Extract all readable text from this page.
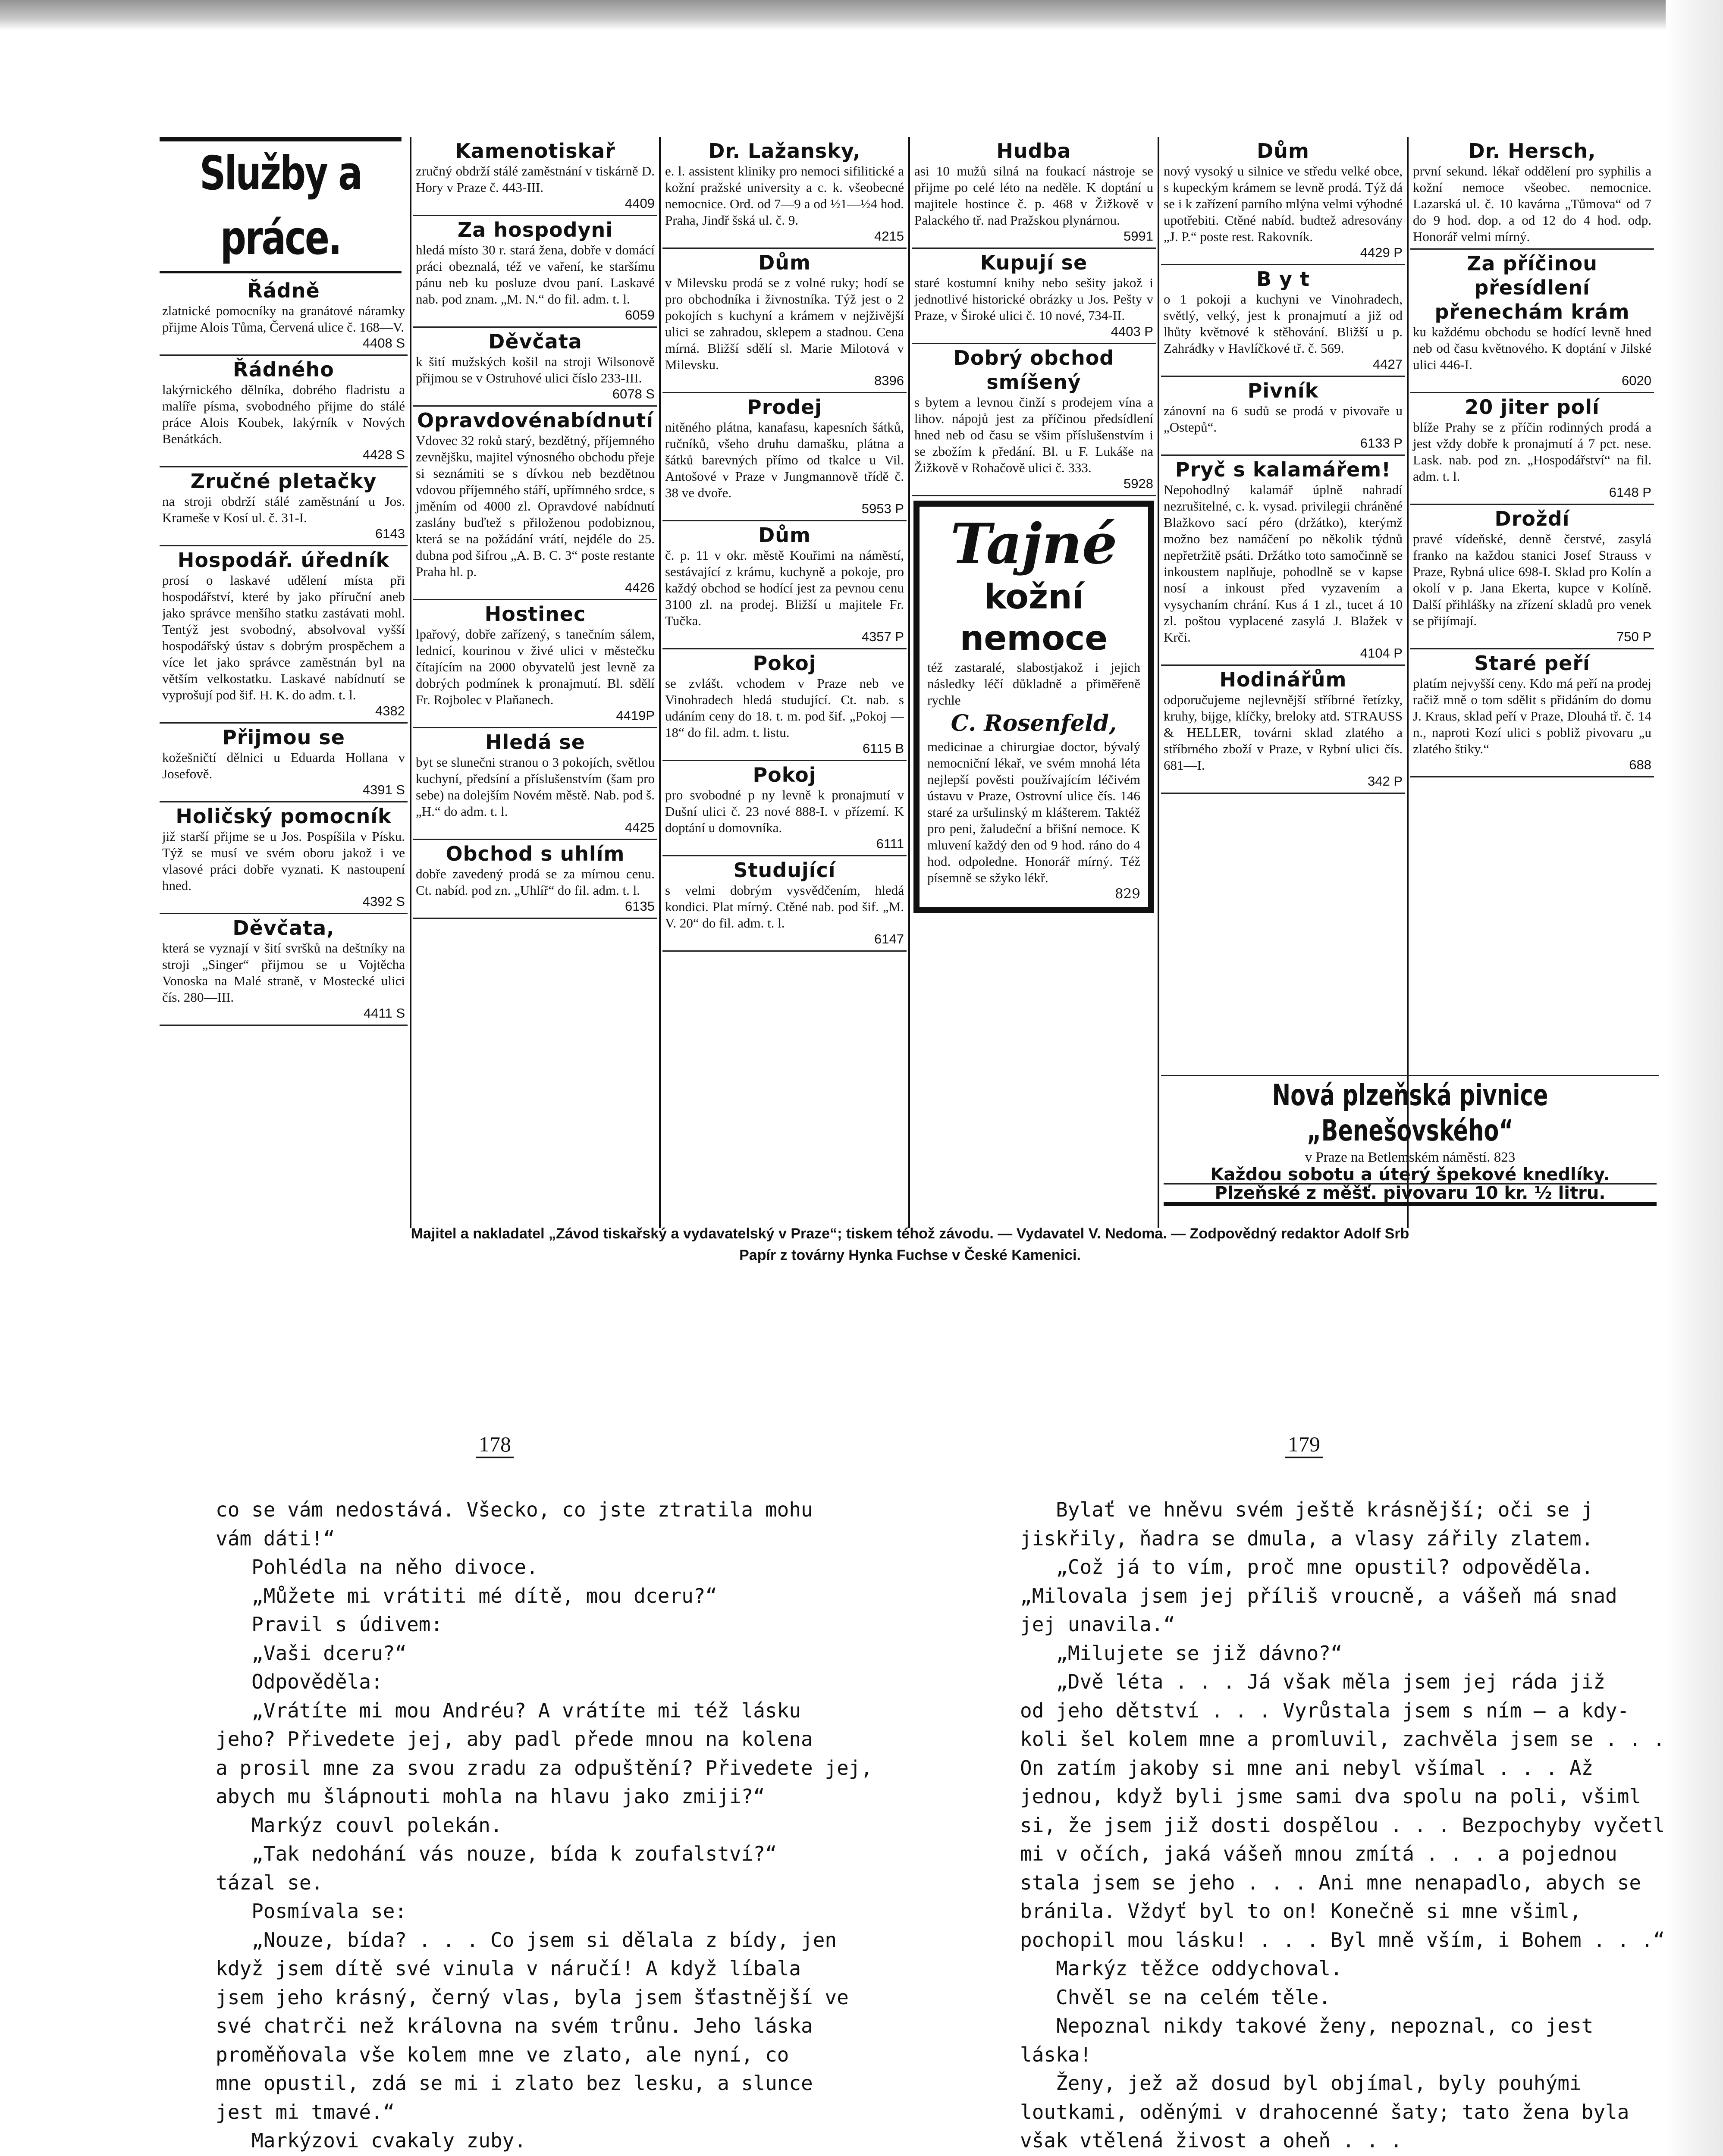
Služby a práce.
Řádně

zlatnické pomocníky na granátové náramky přijme Alois Tůma, Červená ulice č. 168—V.

4408 S
Řádného

lakýrnického dělníka, dobrého fladristu a malíře písma, svobodného přijme do stálé práce Alois Koubek, lakýrník v Nových Benátkách.

4428 S
Zručné pletačky

na stroji obdrží stálé zaměstnání u Jos. Krameše v Kosí ul. č. 31-I.

6143
Hospodář. úředník

prosí o laskavé udělení místa při hospodářství, které by jako příruční aneb jako správce menšího statku zastávati mohl. Tentýž jest svobodný, absolvoval vyšší hospodářský ústav s dobrým prospěchem a více let jako správce zaměstnán byl na větším velkostatku. Laskavé nabídnutí se vyprošují pod šif. H. K. do adm. t. l.

4382
Přijmou se

kožešničtí dělnici u Eduarda Hollana v Josefově.

4391 S
Holičský pomocník

již starší přijme se u Jos. Pospíšila v Písku. Týž se musí ve svém oboru jakož i ve vlasové práci dobře vyznati. K nastoupení hned.

4392 S
Děvčata,

která se vyznají v šití svršků na deštníky na stroji „Singer“ přijmou se u Vojtěcha Vonoska na Malé straně, v Mostecké ulici čís. 280—III.

4411 S
Kamenotiskař

zručný obdrží stálé zaměstnání v tiskárně D. Hory v Praze č. 443-III.

4409
Za hospodyni

hledá místo 30 r. stará žena, dobře v domácí práci obeznalá, též ve vaření, ke staršímu pánu neb ku posluze dvou paní. Laskavé nab. pod znam. „M. N.“ do fil. adm. t. l.

6059
Děvčata

k šití mužských košil na stroji Wilsonově přijmou se v Ostruhové ulici číslo 233-III.

6078 S
Opravdovénabídnutí

Vdovec 32 roků starý, bezdětný, příjemného zevnějšku, majitel výnosného obchodu přeje si seznámiti se s dívkou neb bezdětnou vdovou příjemného stáří, upřímného srdce, s jměním od 4000 zl. Opravdové nabídnutí zaslány buďtež s přiloženou podobiznou, která se na požádání vrátí, nejdéle do 25. dubna pod šifrou „A. B. C. 3“ poste restante Praha hl. p.

4426
Hostinec

lpařový, dobře zařízený, s tanečním sálem, lednicí, kourinou v živé ulici v městečku čítajícím na 2000 obyvatelů jest levně za dobrých podmínek k pronajmutí. Bl. sdělí Fr. Rojbolec v Plaňanech.

4419P
Hledá se

byt se slunečni stranou o 3 pokojích, světlou kuchyní, předsíní a příslušenstvím (šam pro sebe) na dolejším Novém městě. Nab. pod š. „H.“ do adm. t. l.

4425
Obchod s uhlím

dobře zavedený prodá se za mírnou cenu. Ct. nabíd. pod zn. „Uhlíř“ do fil. adm. t. l.

6135
Dr. Lažansky,

e. l. assistent kliniky pro nemoci sifilitické a kožní pražské university a c. k. všeobecné nemocnice. Ord. od 7—9 a od ½1—½4 hod. Praha, Jindř šská ul. č. 9.

4215
Dům

v Milevsku prodá se z volné ruky; hodí se pro obchodníka i živnostníka. Týž jest o 2 pokojích s kuchyní a krámem v nejživější ulici se zahradou, sklepem a stadnou. Cena mírná. Bližší sdělí sl. Marie Milotová v Milevsku.

8396
Prodej

nitěného plátna, kanafasu, kapesních šátků, ručníků, všeho druhu damašku, plátna a šátků barevných přímo od tkalce u Vil. Antošové v Praze v Jungmannově třídě č. 38 ve dvoře.

5953 P
Dům

č. p. 11 v okr. městě Kouřimi na náměstí, sestávající z krámu, kuchyně a pokoje, pro každý obchod se hodící jest za pevnou cenu 3100 zl. na prodej. Bližší u majitele Fr. Tučka.

4357 P
Pokoj

se zvlášt. vchodem v Praze neb ve Vinohradech hledá studující. Ct. nab. s udáním ceny do 18. t. m. pod šif. „Pokoj — 18“ do fil. adm. t. listu.

6115 B
Pokoj

pro svobodné p ny levně k pronajmutí v Dušní ulici č. 23 nové 888-I. v přízemí. K doptání u domovníka.

6111
Studující

s velmi dobrým vysvědčením, hledá kondici. Plat mírný. Ctěné nab. pod šif. „M. V. 20“ do fil. adm. t. l.

6147
Hudba

asi 10 mužů silná na foukací nástroje se přijme po celé léto na neděle. K doptání u majitele hostince č. p. 468 v Žižkově v Palackého tř. nad Pražskou plynárnou.

5991
Kupují se

staré kostumní knihy nebo sešity jakož i jednotlivé historické obrázky u Jos. Pešty v Praze, v Široké ulici č. 10 nové, 734-II.

4403 P
Dobrý obchod smíšený

s bytem a levnou činží s prodejem vína a lihov. nápojů jest za příčinou předsídlení hned neb od času se všim příslušenstvím i se zbožím k předání. Bl. u F. Lukáše na Žižkově v Rohačově ulici č. 333.

5928
Tajné
kožní nemoce

též zastaralé, slabostjakož i jejich následky léčí důkladně a přiměřeně rychle

C. Rosenfeld,

medicinae a chirurgiae doctor, bývalý nemocniční lékař, ve svém mnohá léta nejlepší pověsti používajícím léčivém ústavu v Praze, Ostrovní ulice čís. 146 staré za uršulinský m klášterem. Taktéž pro peni, žaludeční a břišní nemoce. K mluvení každý den od 9 hod. ráno do 4 hod. odpoledne. Honorář mírný. Též písemně se sžyko lékř.

829
Dům

nový vysoký u silnice ve středu velké obce, s kupeckým krámem se levně prodá. Týž dá se i k zařízení parního mlýna velmi výhodné upotřebiti. Ctěné nabíd. budtež adresovány „J. P.“ poste rest. Rakovník.

4429 P
B y t

o 1 pokoji a kuchyni ve Vinohradech, světlý, velký, jest k pronajmutí a již od lhůty květnové k stěhování. Bližší u p. Zahrádky v Havlíčkové tř. č. 569.

4427
Pivník

zánovní na 6 sudů se prodá v pivovaře u „Ostepů“.

6133 P
Pryč s kalamářem!

Nepohodlný kalamář úplně nahradí nezrušitelné, c. k. vysad. privilegii chráněné Blažkovo sací péro (držátko), kterýmž možno bez namáčení po několik týdnů nepřetržitě psáti. Držátko toto samočinně se inkoustem naplňuje, pohodlně se v kapse nosí a inkoust před vyzavením a vysychaním chrání. Kus á 1 zl., tucet á 10 zl. poštou vyplacené zasylá J. Blažek v Krči.

4104 P
Hodinářům

odporučujeme nejlevnější stříbrné řetízky, kruhy, bijge, klíčky, breloky atd. STRAUSS & HELLER, továrni sklad zlatého a stříbrného zboží v Praze, v Rybní ulici čís. 681—I.

342 P
Dr. Hersch,

první sekund. lékař oddělení pro syphilis a kožní nemoce všeobec. nemocnice. Lazarská ul. č. 10 kavárna „Tůmova“ od 7 do 9 hod. dop. a od 12 do 4 hod. odp. Honorář velmi mírný.

Za příčinou přesídlení přenechám krám

ku každému obchodu se hodící levně hned neb od času květnového. K doptání v Jilské ulici 446-I.

6020
20 jiter polí

blíže Prahy se z příčin rodinných prodá a jest vždy dobře k pronajmutí á 7 pct. nese. Lask. nab. pod zn. „Hospodářství“ na fil. adm. t. l.

6148 P
Droždí

pravé vídeňské, denně čerstvé, zasylá franko na každou stanici Josef Strauss v Praze, Rybná ulice 698-I. Sklad pro Kolín a okolí v p. Jana Ekerta, kupce v Kolíně. Další přihlášky na zřízení skladů pro venek se přijímají.

750 P
Staré peří

platím nejvyšší ceny. Kdo má peří na prodej račiž mně o tom sdělit s přidáním do domu J. Kraus, sklad peří v Praze, Dlouhá tř. č. 14 n., naproti Kozí ulici s pobliž pivovaru „u zlatého štiky.“

688
Nová plzeňská pivnice „Benešovského“

v Praze na Betlemském náměstí. 823

Každou sobotu a úterý špekové knedlíky.

Plzeňské z měšť. pivovaru 10 kr. ½ litru.

Majitel a nakladatel „Závod tiskařský a vydavatelský v Praze“; tiskem téhož závodu. — Vydavatel V. Nedoma. — Zodpovědný redaktor Adolf Srb
Papír z továrny Hynka Fuchse v České Kamenici.
178	179
co se vám nedostává. Všecko, co jste ztratila mohu
vám dáti!“
Pohlédla na něho divoce.
„Můžete mi vrátiti mé dítě, mou dceru?“
Pravil s údivem:
„Vaši dceru?“
Odpověděla:
„Vrátíte mi mou Andréu? A vrátíte mi též lásku
jeho? Přivedete jej, aby padl přede mnou na kolena
a prosil mne za svou zradu za odpuštění? Přivedete jej,
abych mu šlápnouti mohla na hlavu jako zmiji?“
Markýz couvl polekán.
„Tak nedohání vás nouze, bída k zoufalství?“
tázal se.
Posmívala se:
„Nouze, bída? . . . Co jsem si dělala z bídy, jen
když jsem dítě své vinula v náručí! A když líbala
jsem jeho krásný, černý vlas, byla jsem šťastnější ve
své chatrči než královna na svém trůnu. Jeho láska
proměňovala vše kolem mne ve zlato, ale nyní, co
mne opustil, zdá se mi i zlato bez lesku, a slunce
jest mi tmavé.“
Markýzovi cvakaly zuby.
Bylať ve hněvu svém ještě krásnější; oči se j
jiskřily, ňadra se dmula, a vlasy zářily zlatem.
„Což já to vím, proč mne opustil? odpověděla.
„Milovala jsem jej příliš vroucně, a vášeň má snad
jej unavila.“
„Milujete se již dávno?“
„Dvě léta . . . Já však měla jsem jej ráda již
od jeho dětství . . . Vyrůstala jsem s ním — a kdy-
koli šel kolem mne a promluvil, zachvěla jsem se . . .
On zatím jakoby si mne ani nebyl všímal . . . Až
jednou, když byli jsme sami dva spolu na poli, všiml
si, že jsem již dosti dospělou . . . Bezpochyby vyčetl
mi v očích, jaká vášeň mnou zmítá . . . a pojednou
stala jsem se jeho . . . Ani mne nenapadlo, abych se
bránila. Vždyť byl to on! Konečně si mne všiml,
pochopil mou lásku! . . . Byl mně vším, i Bohem . . .“
Markýz těžce oddychoval.
Chvěl se na celém těle.
Nepoznal nikdy takové ženy, nepoznal, co jest
láska!
Ženy, jež až dosud byl objímal, byly pouhými
loutkami, oděnými v drahocenné šaty; tato žena byla
však vtělená živost a oheň . . .
